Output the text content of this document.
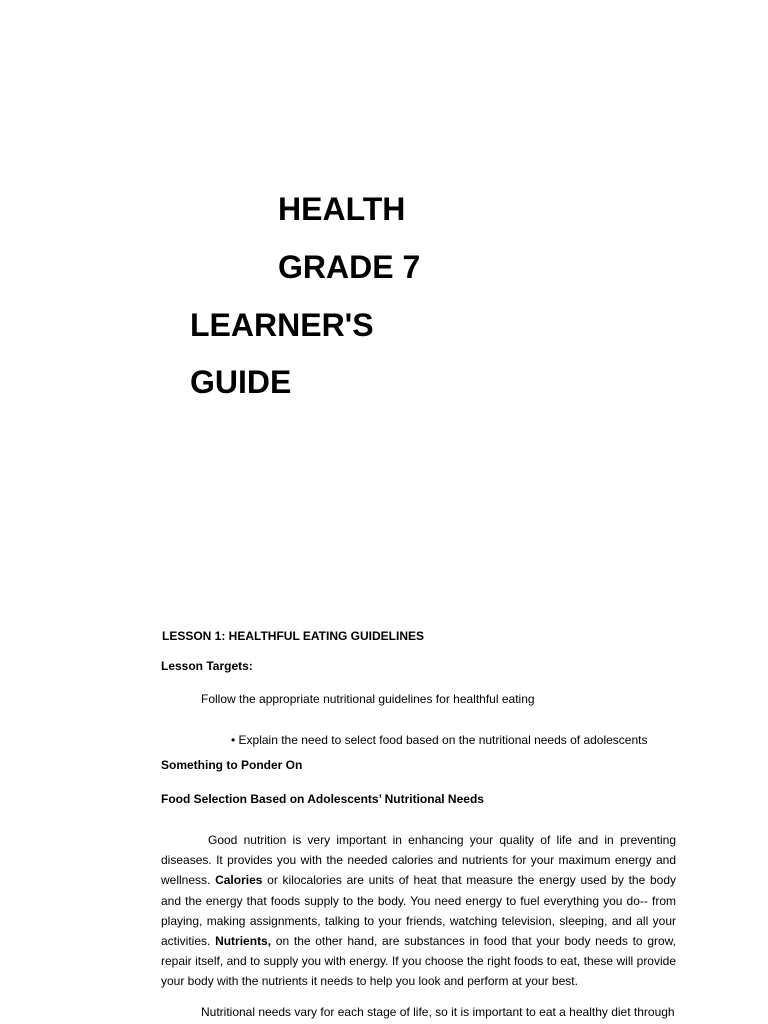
HEALTH
GRADE 7
LEARNER'S
GUIDE
LESSON 1: HEALTHFUL EATING GUIDELINES
Lesson Targets:

Follow the appropriate nutritional guidelines for healthful eating

• Explain the need to select food based on the nutritional needs of adolescents

Something to Ponder On
Food Selection Based on Adolescents’ Nutritional Needs

Good nutrition is very important in enhancing your quality of life and in preventing diseases. It provides you with the needed calories and nutrients for your maximum energy and wellness. Calories or kilocalories are units of heat that measure the energy used by the body and the energy that foods supply to the body. You need energy to fuel everything you do-- from playing, making assignments, talking to your friends, watching television, sleeping, and all your activities. Nutrients, on the other hand, are substances in food that your body needs to grow, repair itself, and to supply you with energy. If you choose the right foods to eat, these will provide your body with the nutrients it needs to help you look and perform at your best.

Nutritional needs vary for each stage of life, so it is important to eat a healthy diet through
